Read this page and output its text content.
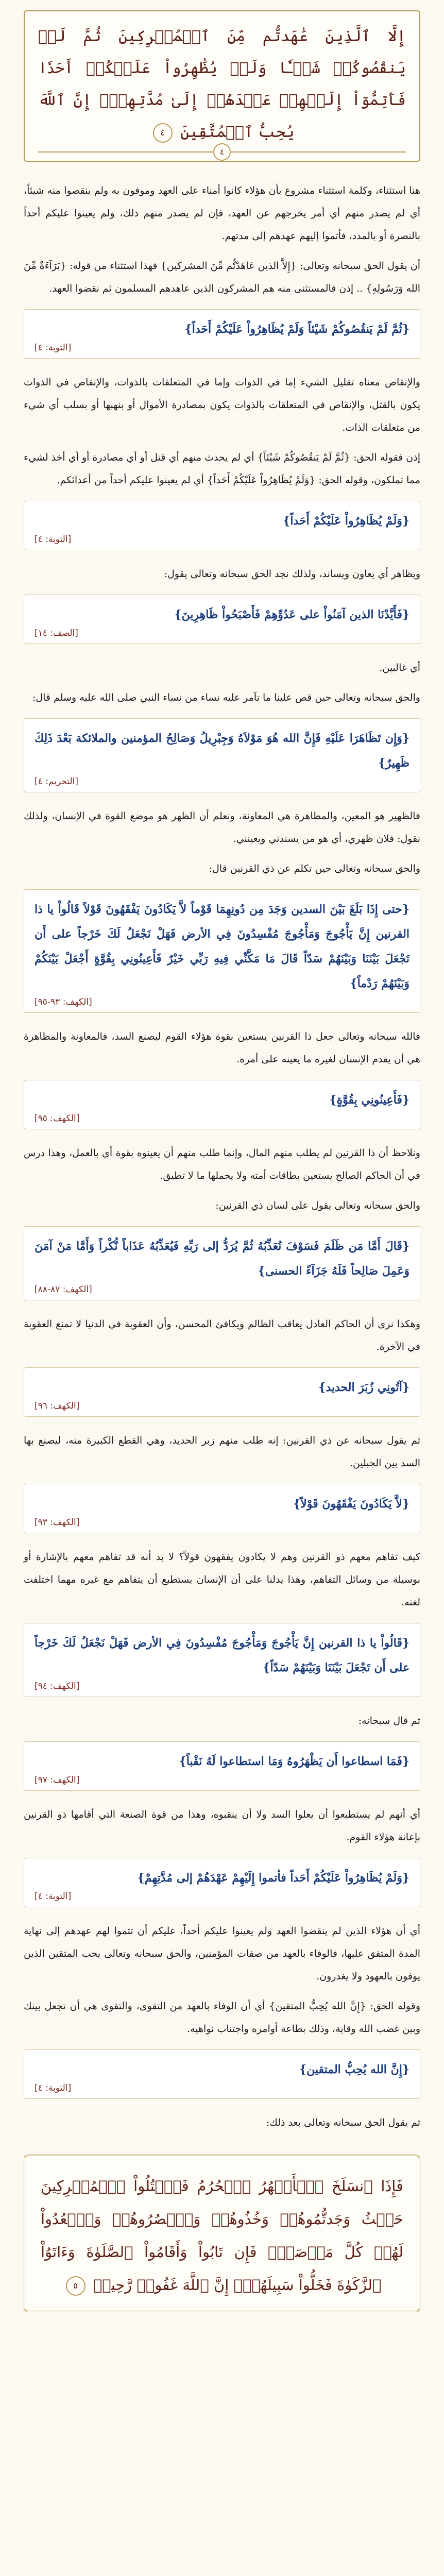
إِلَّا ٱلَّذِينَ عَٰهَدتُّم مِّنَ ٱلۡمُشۡرِكِينَ ثُمَّ لَمۡ يَنقُصُوكُمۡ شَيۡـٔٗا وَلَمۡ يُظَٰهِرُواْ عَلَيۡكُمۡ أَحَدٗا فَأَتِمُّوٓاْ إِلَيۡهِمۡ عَهۡدَهُمۡ إِلَىٰ مُدَّتِهِمۡۚ إِنَّ ٱللَّهَ يُحِبُّ ٱلۡمُتَّقِينَ ٤
٤

هنا استثناء، وكلمة استثناء مشروع بأن هؤلاء كانوا أمناء على العهد وموفون به ولم ينقصوا منه شيئاً، أي لم يصدر منهم أي أمر يخرجهم عن العهد، فإن لم يصدر منهم ذلك، ولم يعينوا عليكم أحداً بالنصرة أو بالمدد، فأتموا إليهم عهدهم إلى مدتهم.

أن يقول الحق سبحانه وتعالى: {إِلاَّ الذين عَاهَدْتُّم مِّنَ المشركين} فهذا استثناء من قوله: {بَرَآءَةٌ مِّنَ الله وَرَسُولِهِ} .. إذن فالمستثنى منه هم المشركون الذين عاهدهم المسلمون ثم نقضوا العهد.

{ثُمَّ لَمْ يَنقُصُوكُمْ شَيْئاً وَلَمْ يُظَاهِرُواْ عَلَيْكُمْ أَحَداً}
[التوبة: ٤]

والإنقاص معناه تقليل الشيء إما في الذوات وإما في المتعلقات بالذوات، والإنقاص في الذوات يكون بالقتل، والإنقاص في المتعلقات بالذوات يكون بمصادرة الأموال أو بنهبها أو بسلب أي شيء من متعلقات الذات.

إذن فقوله الحق: {ثُمَّ لَمْ يَنقُصُوكُمْ شَيْئاً} أي لم يحدث منهم أي قتل أو أي مصادرة أو أي أخذ لشيء مما تملكون، وقوله الحق: {وَلَمْ يُظَاهِرُواْ عَلَيْكُمْ أَحَداً} أي لم يعينوا عليكم أحداً من أعدائكم.

{وَلَمْ يُظَاهِرُواْ عَلَيْكُمْ أَحَداً}
[التوبة: ٤]

ويظاهر أي يعاون ويساند، ولذلك نجد الحق سبحانه وتعالى يقول:

{فَأَيَّدْنَا الذين آمَنُواْ على عَدُوِّهِمْ فَأَصْبَحُواْ ظَاهِرِينَ}
[الصف: ١٤]

أي غالبين.

والحق سبحانه وتعالى حين قص علينا ما تآمر عليه نساء من نساء النبي صلى الله عليه وسلم قال:

{وَإِن تَظَاهَرَا عَلَيْهِ فَإِنَّ الله هُوَ مَوْلاَهُ وَجِبْرِيلُ وَصَالِحُ المؤمنين والملائكة بَعْدَ ذَلِكَ ظَهِيرٌ}
[التحريم: ٤]

فالظهير هو المعين، والمظاهرة هي المعاونة، ونعلم أن الظهر هو موضع القوة في الإنسان، ولذلك نقول: فلان ظهري، أي هو من يسندني ويعينني.

والحق سبحانه وتعالى حين تكلم عن ذي القرنين قال:

{حتى إِذَا بَلَغَ بَيْنَ السدين وَجَدَ مِن دُونِهِمَا قَوْماً لاَّ يَكَادُونَ يَفْقَهُونَ قَوْلاً قَالُواْ يا ذا القرنين إِنَّ يَأْجُوجَ وَمَأْجُوجَ مُفْسِدُونَ فِي الأرض فَهَلْ نَجْعَلُ لَكَ خَرْجاً على أَن تَجْعَلَ بَيْنَنَا وَبَيْنَهُمْ سَدّاً قَالَ مَا مَكَّنِّي فِيهِ رَبِّي خَيْرٌ فَأَعِينُونِي بِقُوَّةٍ أَجْعَلْ بَيْنَكُمْ وَبَيْنَهُمْ رَدْماً}
[الكهف: ٩٣-٩٥]

فالله سبحانه وتعالى جعل ذا القرنين يستعين بقوة هؤلاء القوم ليصنع السد، فالمعاونة والمظاهرة هي أن يقدم الإنسان لغيره ما يعينه على أمره.

{فَأَعِينُونِي بِقُوَّةٍ}
[الكهف: ٩٥]

ونلاحظ أن ذا القرنين لم يطلب منهم المال، وإنما طلب منهم أن يعينوه بقوة أي بالعمل، وهذا درس في أن الحاكم الصالح يستعين بطاقات أمته ولا يحملها ما لا تطيق.

والحق سبحانه وتعالى يقول على لسان ذي القرنين:

{قَالَ أَمَّا مَن ظَلَمَ فَسَوْفَ نُعَذِّبُهُ ثُمَّ يُرَدُّ إلى رَبِّهِ فَيُعَذِّبُهُ عَذَاباً نُّكْراً وَأَمَّا مَنْ آمَنَ وَعَمِلَ صَالِحاً فَلَهُ جَزَآءً الحسنى}
[الكهف: ٨٧-٨٨]

وهكذا نرى أن الحاكم العادل يعاقب الظالم ويكافئ المحسن، وأن العقوبة في الدنيا لا تمنع العقوبة في الآخرة.

{آتُونِي زُبَرَ الحديد}
[الكهف: ٩٦]

ثم يقول سبحانه عن ذي القرنين: إنه طلب منهم زبر الحديد، وهي القطع الكبيرة منه، ليصنع بها السد بين الجبلين.

{لاَّ يَكَادُونَ يَفْقَهُونَ قَوْلاً}
[الكهف: ٩٣]

كيف تفاهم معهم ذو القرنين وهم لا يكادون يفقهون قولاً؟ لا بد أنه قد تفاهم معهم بالإشارة أو بوسيلة من وسائل التفاهم، وهذا يدلنا على أن الإنسان يستطيع أن يتفاهم مع غيره مهما اختلفت لغته.

{قَالُواْ يا ذا القرنين إِنَّ يَأْجُوجَ وَمَأْجُوجَ مُفْسِدُونَ فِي الأرض فَهَلْ نَجْعَلُ لَكَ خَرْجاً على أَن تَجْعَلَ بَيْنَنَا وَبَيْنَهُمْ سَدّاً}
[الكهف: ٩٤]

ثم قال سبحانه:

{فَمَا اسطاعوا أَن يَظْهَرُوهُ وَمَا استطاعوا لَهُ نَقْباً}
[الكهف: ٩٧]

أي أنهم لم يستطيعوا أن يعلوا السد ولا أن ينقبوه، وهذا من قوة الصنعة التي أقامها ذو القرنين بإعانة هؤلاء القوم.

{وَلَمْ يُظَاهِرُواْ عَلَيْكُمْ أَحَداً فأتموا إِلَيْهِمْ عَهْدَهُمْ إلى مُدَّتِهِمْ}
[التوبة: ٤]

أي أن هؤلاء الذين لم ينقضوا العهد ولم يعينوا عليكم أحداً، عليكم أن تتموا لهم عهدهم إلى نهاية المدة المتفق عليها، فالوفاء بالعهد من صفات المؤمنين، والحق سبحانه وتعالى يحب المتقين الذين يوفون بالعهود ولا يغدرون.

وقوله الحق: {إِنَّ الله يُحِبُّ المتقين} أي أن الوفاء بالعهد من التقوى، والتقوى هي أن تجعل بينك وبين غضب الله وقاية، وذلك بطاعة أوامره واجتناب نواهيه.

{إِنَّ الله يُحِبُّ المتقين}
[التوبة: ٤]

ثم يقول الحق سبحانه وتعالى بعد ذلك:

فَإِذَا ٱنسَلَخَ ٱلۡأَشۡهُرُ ٱلۡحُرُمُ فَٱقۡتُلُواْ ٱلۡمُشۡرِكِينَ حَيۡثُ وَجَدتُّمُوهُمۡ وَخُذُوهُمۡ وَٱحۡصُرُوهُمۡ وَٱقۡعُدُواْ لَهُمۡ كُلَّ مَرۡصَدٖۚ فَإِن تَابُواْ وَأَقَامُواْ ٱلصَّلَوٰةَ وَءَاتَوُاْ ٱلزَّكَوٰةَ فَخَلُّواْ سَبِيلَهُمۡۚ إِنَّ ٱللَّهَ غَفُورٞ رَّحِيمٞ ٥
